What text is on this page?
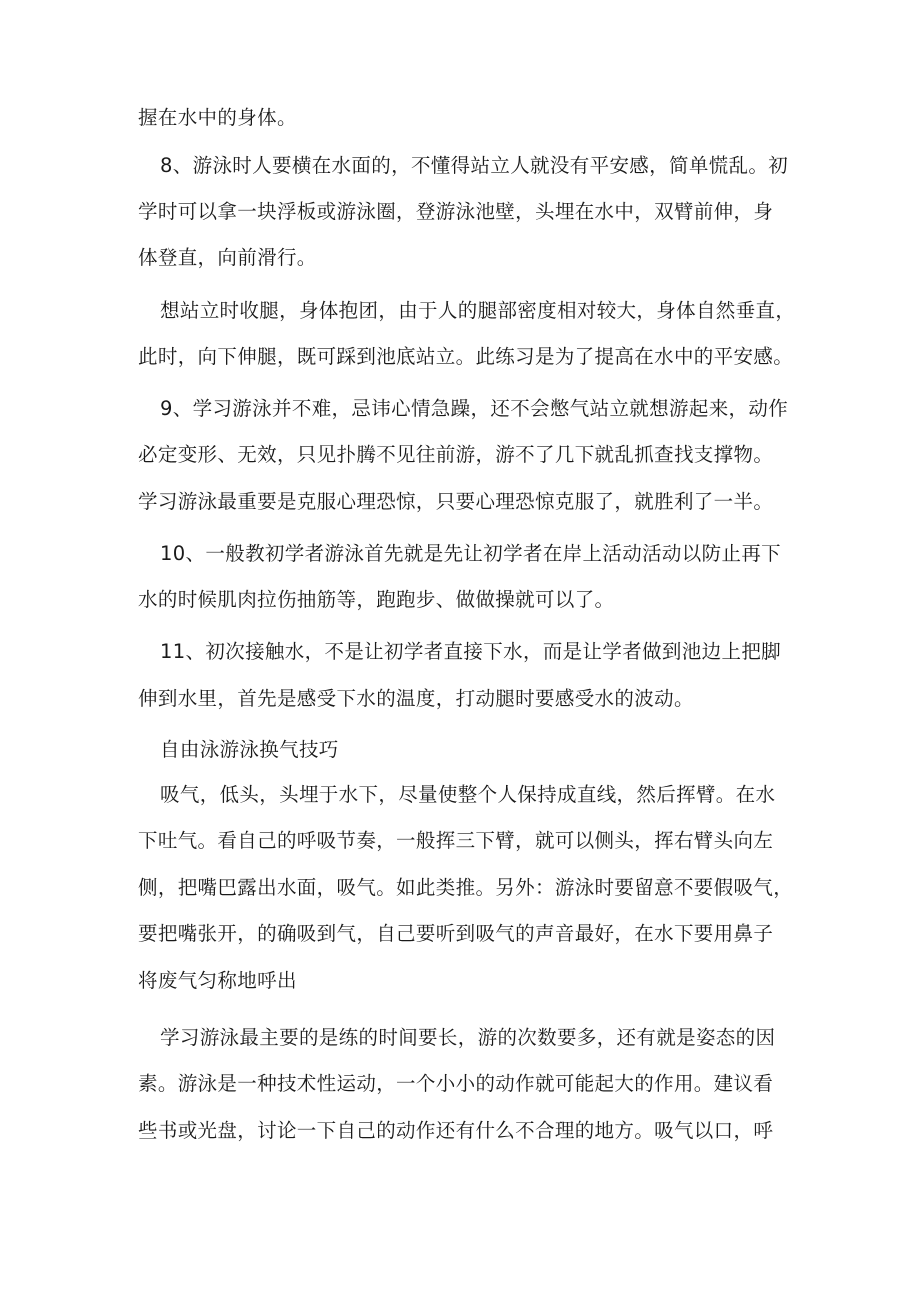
握在水中的身体。

8、游泳时人要横在水面的，不懂得站立人就没有平安感，简单慌乱。初

学时可以拿一块浮板或游泳圈，登游泳池壁，头埋在水中，双臂前伸，身

体登直，向前滑行。

想站立时收腿，身体抱团，由于人的腿部密度相对较大，身体自然垂直，

此时，向下伸腿，既可踩到池底站立。此练习是为了提高在水中的平安感。

9、学习游泳并不难，忌讳心情急躁，还不会憋气站立就想游起来，动作

必定变形、无效，只见扑腾不见往前游，游不了几下就乱抓查找支撑物。

学习游泳最重要是克服心理恐惊，只要心理恐惊克服了，就胜利了一半。

10、一般教初学者游泳首先就是先让初学者在岸上活动活动以防止再下

水的时候肌肉拉伤抽筋等，跑跑步、做做操就可以了。

11、初次接触水，不是让初学者直接下水，而是让学者做到池边上把脚

伸到水里，首先是感受下水的温度，打动腿时要感受水的波动。

自由泳游泳换气技巧

吸气，低头，头埋于水下，尽量使整个人保持成直线，然后挥臂。在水

下吐气。看自己的呼吸节奏，一般挥三下臂，就可以侧头，挥右臂头向左

侧，把嘴巴露出水面，吸气。如此类推。另外：游泳时要留意不要假吸气，

要把嘴张开，的确吸到气，自己要听到吸气的声音最好，在水下要用鼻子

将废气匀称地呼出

学习游泳最主要的是练的时间要长，游的次数要多，还有就是姿态的因

素。游泳是一种技术性运动，一个小小的动作就可能起大的作用。建议看

些书或光盘，讨论一下自己的动作还有什么不合理的地方。吸气以口，呼
